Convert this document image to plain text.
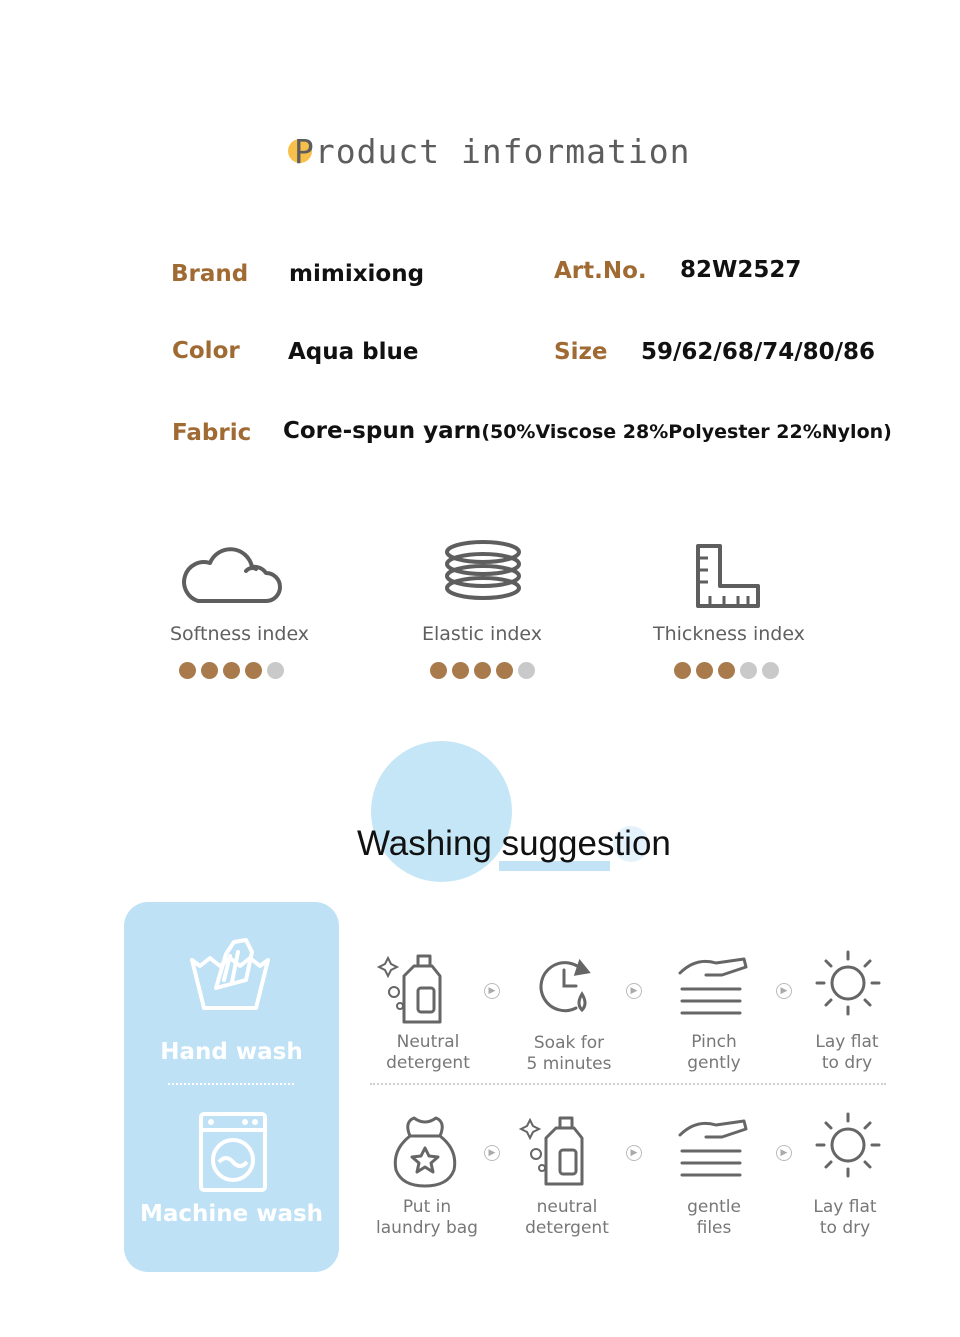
Product information
Brand mimixiong	Art.No. 82W2527
Color Aqua blue	Size 59/62/68/74/80/86
Fabric Core-spun yarn(50%Viscose 28%Polyester 22%Nylon)
Softness index	Elastic index	Thickness index
Washing suggestion
Hand wash
Machine wash
▶	▶	▶
▶	▶	▶
Neutral
detergent
Soak for
5 minutes
Pinch
gently
Lay flat
to dry
Put in
laundry bag
neutral
detergent
gentle
files
Lay flat
to dry
